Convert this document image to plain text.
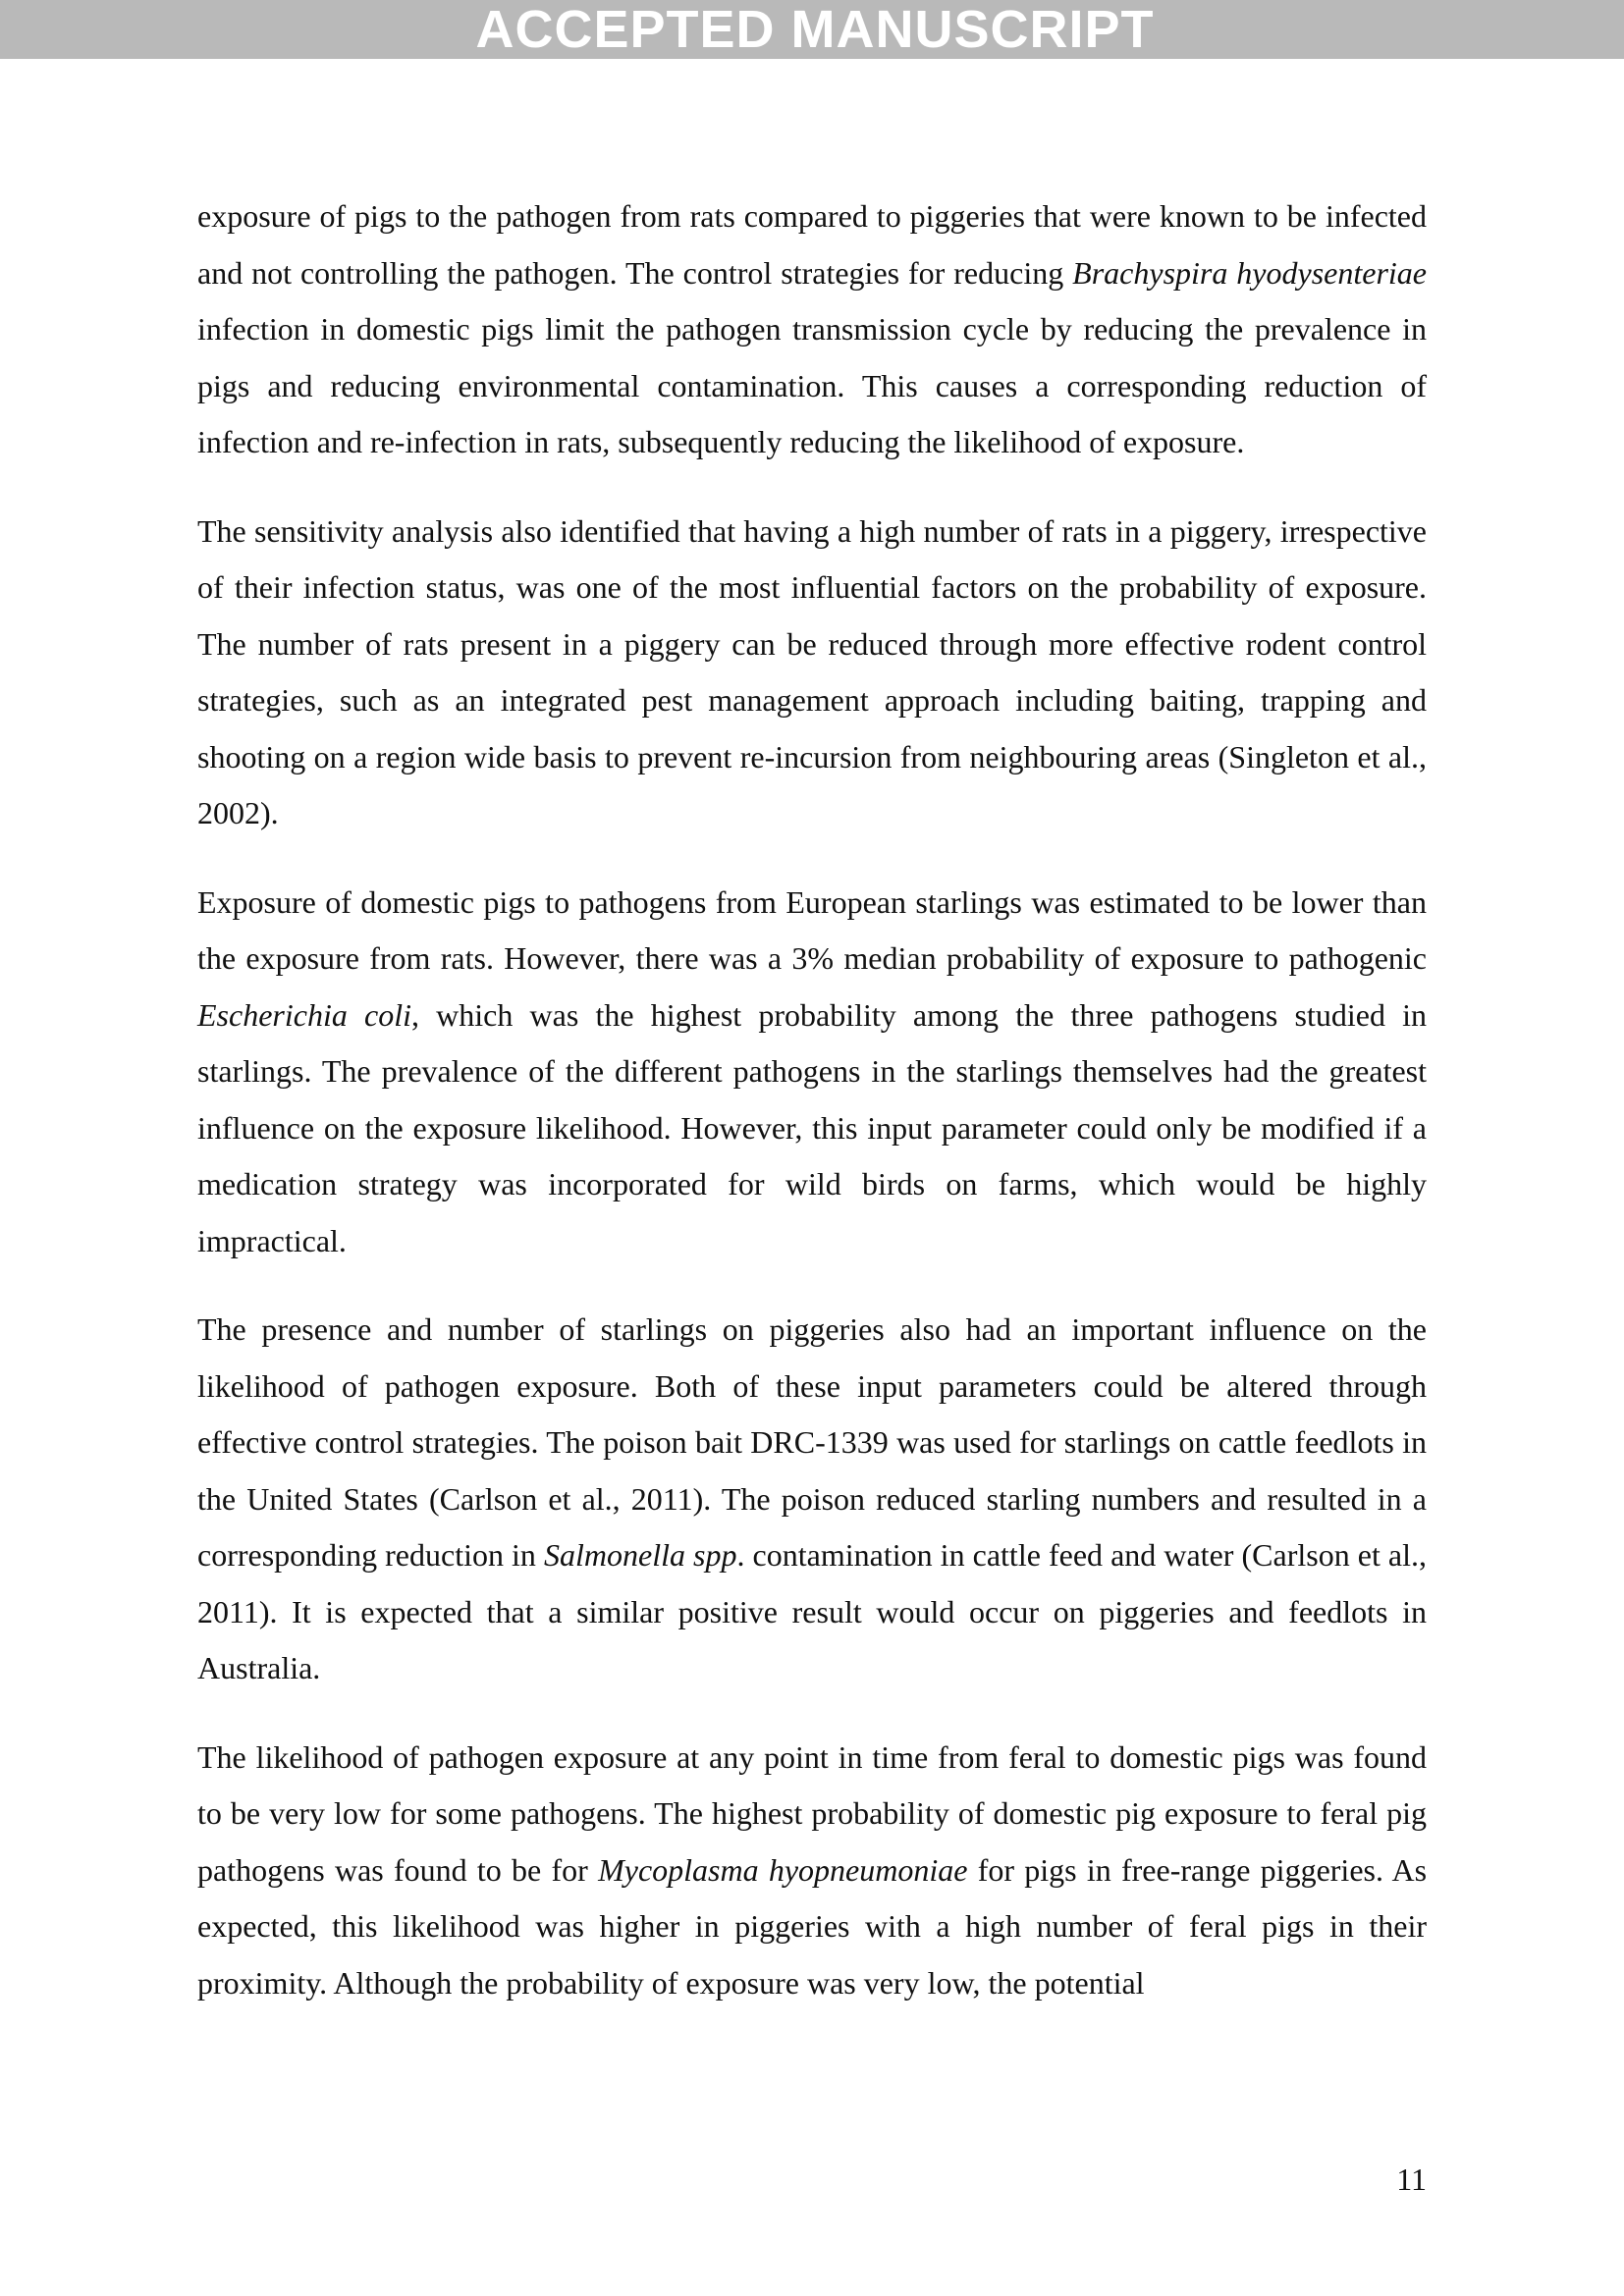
ACCEPTED MANUSCRIPT

exposure of pigs to the pathogen from rats compared to piggeries that were known to be infected and not controlling the pathogen. The control strategies for reducing Brachyspira hyodysenteriae infection in domestic pigs limit the pathogen transmission cycle by reducing the prevalence in pigs and reducing environmental contamination. This causes a corresponding reduction of infection and re-infection in rats, subsequently reducing the likelihood of exposure.

The sensitivity analysis also identified that having a high number of rats in a piggery, irrespective of their infection status, was one of the most influential factors on the probability of exposure. The number of rats present in a piggery can be reduced through more effective rodent control strategies, such as an integrated pest management approach including baiting, trapping and shooting on a region wide basis to prevent re-incursion from neighbouring areas (Singleton et al., 2002).

Exposure of domestic pigs to pathogens from European starlings was estimated to be lower than the exposure from rats. However, there was a 3% median probability of exposure to pathogenic Escherichia coli, which was the highest probability among the three pathogens studied in starlings. The prevalence of the different pathogens in the starlings themselves had the greatest influence on the exposure likelihood. However, this input parameter could only be modified if a medication strategy was incorporated for wild birds on farms, which would be highly impractical.

The presence and number of starlings on piggeries also had an important influence on the likelihood of pathogen exposure. Both of these input parameters could be altered through effective control strategies. The poison bait DRC-1339 was used for starlings on cattle feedlots in the United States (Carlson et al., 2011). The poison reduced starling numbers and resulted in a corresponding reduction in Salmonella spp. contamination in cattle feed and water (Carlson et al., 2011). It is expected that a similar positive result would occur on piggeries and feedlots in Australia.

The likelihood of pathogen exposure at any point in time from feral to domestic pigs was found to be very low for some pathogens. The highest probability of domestic pig exposure to feral pig pathogens was found to be for Mycoplasma hyopneumoniae for pigs in free-range piggeries. As expected, this likelihood was higher in piggeries with a high number of feral pigs in their proximity. Although the probability of exposure was very low, the potential

11
